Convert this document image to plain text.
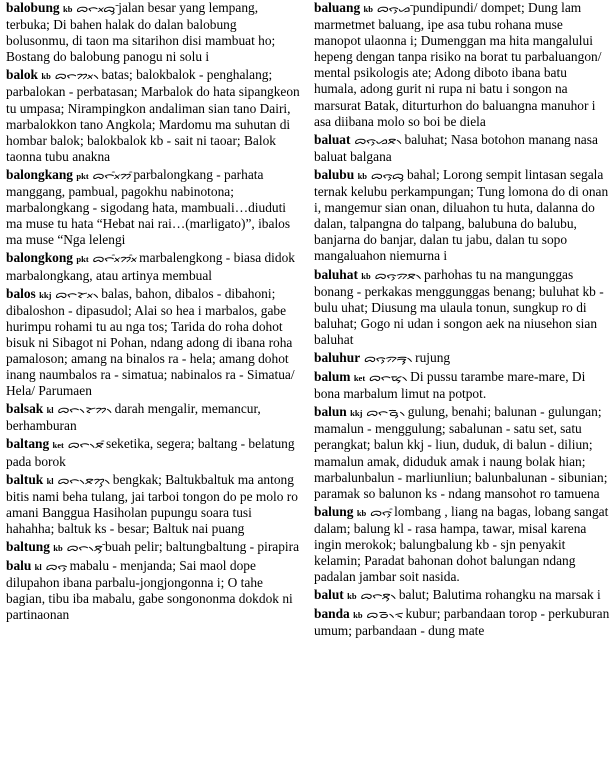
balobung kb ᯅᯞᯬᯅᯮᯰ jalan besar yang lempang, terbuka; Di bahen halak do dalan balobung bolusonmu, di taon ma sitarihon disi mambuat ho; Bostang do balobung panogu ni solu i
balok kb ᯅᯞᯬᯂ᯲ batas; balokbalok - penghalang; parbalokan - perbatasan; Marbalok do hata sipangkeon tu umpasa; Nirampingkon andaliman sian tano Dairi, marbalokkon tano Angkola; Mardomu ma suhutan di hombar balok; balokbalok kb - sait ni taoar; Balok taonna tubu anakna
balongkang pkt ᯅᯞᯬᯰᯂᯰ parbalongkang - parhata manggang, pambual, pagokhu nabinotona; marbalongkang - sigodang hata, mambuali…diuduti ma muse tu hata “Hebat nai rai…(marligato)”, ibalos ma muse “Nga lelengi
balongkong pkt ᯅᯞᯬᯰᯂᯬᯰ marbalengkong - biasa didok marbalongkang, atau artinya membual
balos kkj ᯅᯞᯬᯘ᯲ balas, bahon, dibalos - dibahoni; dibaloshon - dipasudol; Alai so hea i marbalos, gabe hurimpu rohami tu au nga tos; Tarida do roha dohot bisuk ni Sibagot ni Pohan, ndang adong di ibana roha pamaloson; amang na binalos ra - hela; amang dohot inang naumbalos ra - simatua; nabinalos ra - Simatua/ Hela/ Parumaen
balsak kl ᯅᯞ᯲ᯘᯂ᯲ darah mengalir, memancur, berhamburan
baltang ket ᯅᯞ᯲ᯖᯰ seketika, segera; baltang - belatung pada borok
baltuk kl ᯅᯞ᯲ᯖᯮᯂ᯲ bengkak; Baltukbaltuk ma antong bitis nami beha tulang, jai tarboi tongon do pe molo ro amani Banggua Hasiholan pupungu soara tusi hahahha; baltuk ks - besar; Baltuk nai puang
baltung kb ᯅᯞ᯲ᯖᯮᯰ buah pelir; baltungbaltung - pirapira
balu kl ᯅᯞᯮ mabalu - menjanda; Sai maol dope dilupahon ibana parbalu-jongjongonna i; O tahe bagian, tibu iba mabalu, gabe songononma dokdok ni partinaonan
baluang kb ᯅᯞᯮᯀᯰ pundipundi/ dompet; Dung lam marmetmet baluang, ipe asa tubu rohana muse manopot ulaonna i; Dumenggan ma hita mangalului hepeng dengan tanpa risiko na borat tu parbaluangon/ mental psikologis ate; Adong diboto ibana batu humala, adong gurit ni rupa ni batu i songon na marsurat Batak, diturturhon do baluangna manuhor i asa diibana molo so boi be diela
baluat ᯅᯞᯮᯀᯖ᯲ baluhat; Nasa botohon manang nasa baluat balgana
balubu kb ᯅᯞᯮᯅᯮ bahal; Lorong sempit lintasan segala ternak kelubu perkampungan; Tung lomona do di onan i, mangemur sian onan, diluahon tu huta, dalanna do dalan, talpangna do talpang, balubuna do balubu, banjarna do banjar, dalan tu jabu, dalan tu sopo mangaluahon niemurna i
baluhat kb ᯅᯞᯮᯄᯖ᯲ parhohas tu na mangunggas bonang - perkakas menggunggas benang; buluhat kb - bulu uhat; Diusung ma ulaula tonun, sungkup ro di baluhat; Gogo ni udan i songon aek na niusehon sian baluhat
baluhur ᯅᯞᯮᯄᯮᯒ᯲ rujung
balum ket ᯅᯞᯮᯔ᯲ Di pussu tarambe mare-mare, Di bona marbalum limut na potpot.
balun kkj ᯅᯞᯮᯉ᯲ gulung, benahi; balunan - gulungan; mamalun - menggulung; sabalunan - satu set, satu perangkat; balun kkj - liun, duduk, di balun - diliun; mamalun amak, diduduk amak i naung bolak hian; marbalunbalun - marliunliun; balunbalunan - sibunian; paramak so balunon ks - ndang mansohot ro tamuena
balung kb ᯅᯞᯮᯰ lombang , liang na bagas, lobang sangat dalam; balung kl - rasa hampa, tawar, misal karena ingin merokok; balungbalung kb - sjn penyakit kelamin; Paradat bahonan dohot balungan ndang padalan jambar soit nasida.
balut kb ᯅᯞᯮᯖ᯲ balut; Balutima rohangku na marsak i
banda kb ᯅᯉ᯲ᯑ kubur; parbandaan torop - perkuburan umum; parbandaan - dung mate
